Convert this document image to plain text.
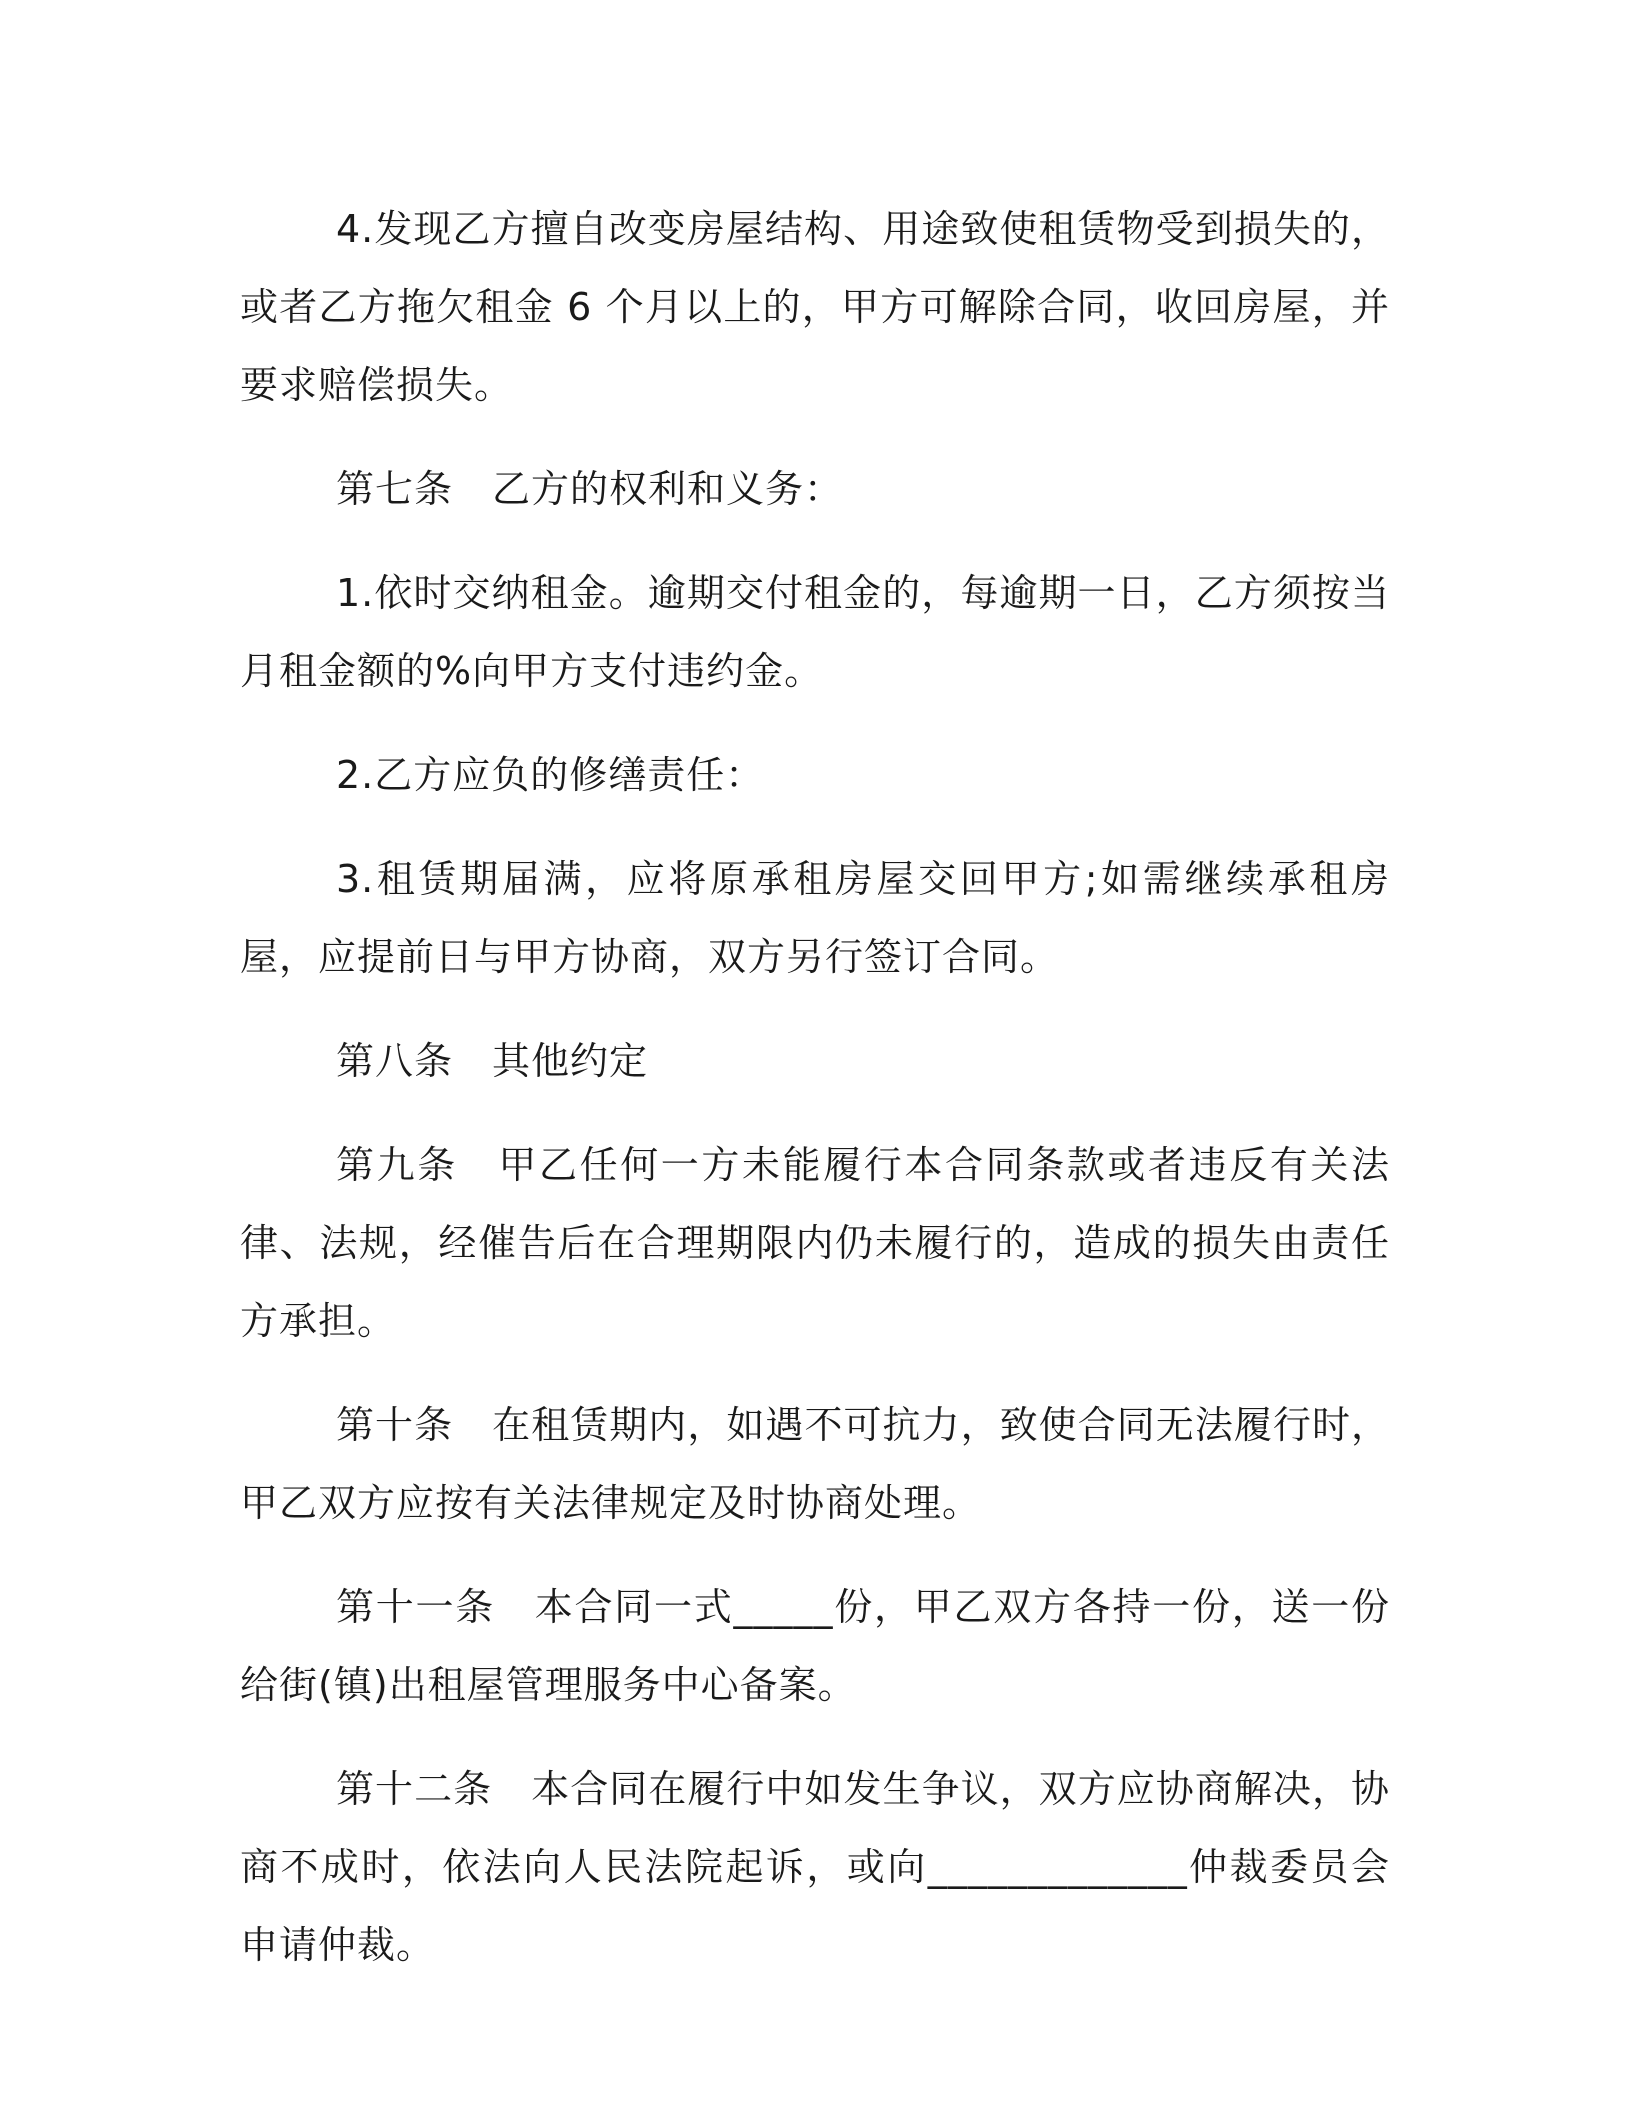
4.发现乙方擅自改变房屋结构、用途致使租赁物受到损失的，或者乙方拖欠租金 6 个月以上的，甲方可解除合同，收回房屋，并要求赔偿损失。

第七条　乙方的权利和义务：

1.依时交纳租金。逾期交付租金的，每逾期一日，乙方须按当月租金额的%向甲方支付违约金。

2.乙方应负的修缮责任：

3.租赁期届满，应将原承租房屋交回甲方;如需继续承租房屋，应提前日与甲方协商，双方另行签订合同。

第八条　其他约定

第九条　甲乙任何一方未能履行本合同条款或者违反有关法律、法规，经催告后在合理期限内仍未履行的，造成的损失由责任方承担。

第十条　在租赁期内，如遇不可抗力，致使合同无法履行时，甲乙双方应按有关法律规定及时协商处理。

第十一条　本合同一式_____份，甲乙双方各持一份，送一份给街(镇)出租屋管理服务中心备案。

第十二条　本合同在履行中如发生争议，双方应协商解决，协商不成时，依法向人民法院起诉，或向_____________仲裁委员会申请仲裁。
